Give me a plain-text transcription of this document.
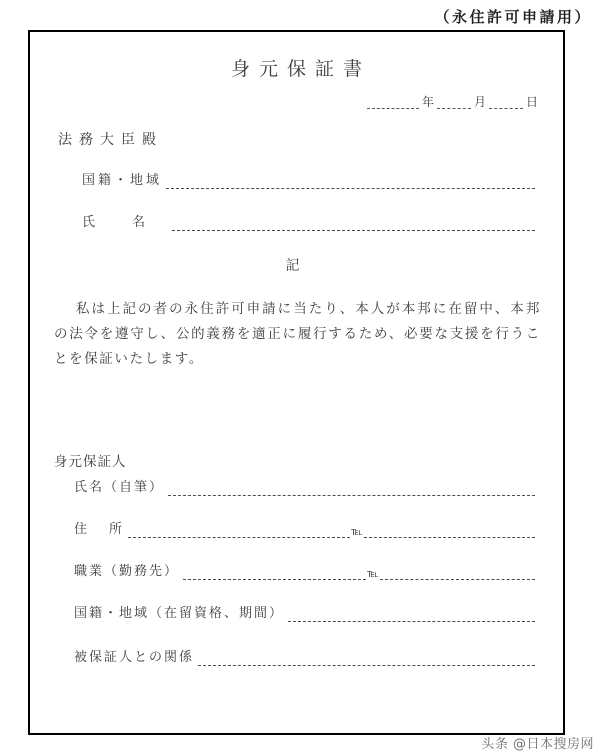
（永住許可申請用）
身元保証書
年	月	日
法務大臣殿
国籍・地域
氏	名
記
私は上記の者の永住許可申請に当たり、本人が本邦に在留中、本邦の法令を遵守し、公的義務を適正に履行するため、必要な支援を行うことを保証いたします。
身元保証人
氏名（自筆）
住 所	℡
職業（勤務先）	℡
国籍・地域（在留資格、期間）
被保証人との関係
头条 @日本搜房网
